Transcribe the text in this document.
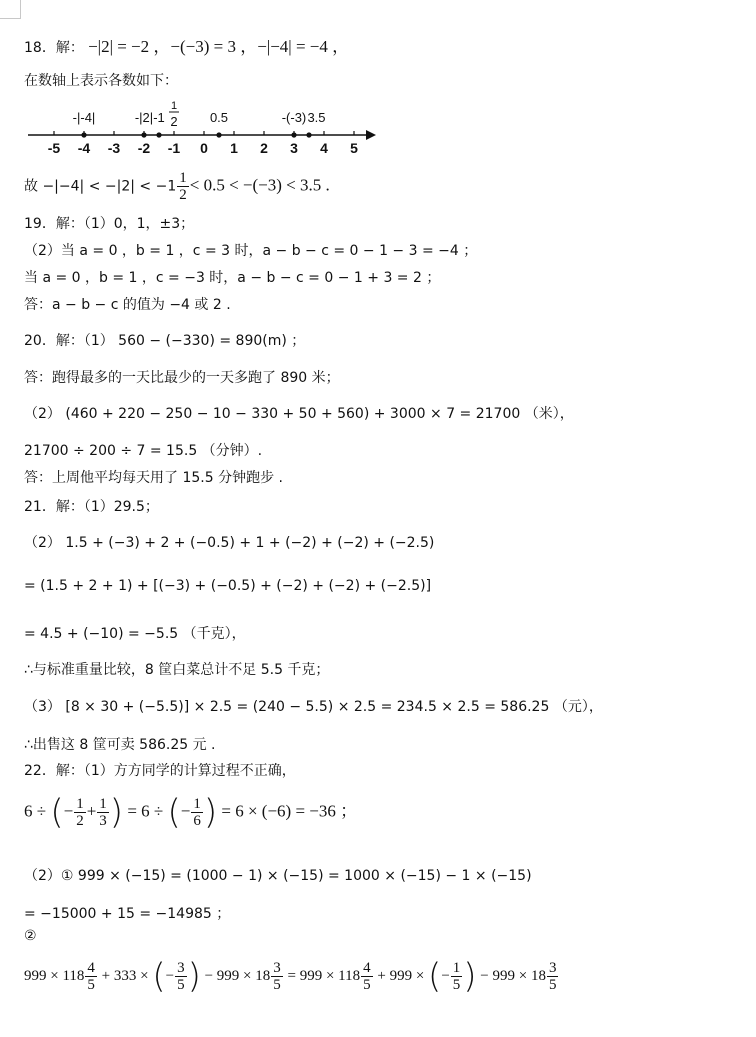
18．解： −|2| = −2 ，−(−3) = 3 ，−|−4| = −4 ，
在数轴上表示各数如下：
-5 -4 -3 -2 -1 0 1 2 3 4 5
-|-4|	-|2| -1 2 0.5	-(-3) 3.5
1
故 $-|-4| < -|2| < -1 \frac{1}{2} < 0.5 < -(-3) < 3.5$ .
19．解：（1）0，1，±3；
（2）当 a = 0 ，b = 1 ，c = 3 时，a − b − c = 0 − 1 − 3 = −4 ；
当 a = 0 ，b = 1 ，c = −3 时，a − b − c = 0 − 1 + 3 = 2 ；
答：a − b − c 的值为 −4 或 2 .
20．解：（1） 560 − (−330) = 890(m) ；
答：跑得最多的一天比最少的一天多跑了 890 米；
（2） (460 + 220 − 250 − 10 − 330 + 50 + 560) + 3000 × 7 = 21700 （米），
21700 ÷ 200 ÷ 7 = 15.5 （分钟）.
答：上周他平均每天用了 15.5 分钟跑步 .
21．解：（1）29.5；
（2） 1.5 + (−3) + 2 + (−0.5) + 1 + (−2) + (−2) + (−2.5)
= (1.5 + 2 + 1) + [(−3) + (−0.5) + (−2) + (−2) + (−2.5)]
= 4.5 + (−10) = −5.5 （千克），
∴与标准重量比较，8 筐白菜总计不足 5.5 千克；
（3） [8 × 30 + (−5.5)] × 2.5 = (240 − 5.5) × 2.5 = 234.5 × 2.5 = 586.25 （元），
∴出售这 8 筐可卖 586.25 元 .
22．解：（1）方方同学的计算过程不正确，
6 ÷ (− $\frac{1}{2} + \frac{1}{3}$ ) = 6 ÷ (− $\frac{1}{6}$ ) = 6 × (−6) = −36 ；
（2）① 999 × (−15) = (1000 − 1) × (−15) = 1000 × (−15) − 1 × (−15)
= −15000 + 15 = −14985 ；
②
$999 \times 118 \frac{4}{5} + 333$ × (− $\frac{3}{5}$ ) − $999 \times 18 \frac{3}{5} = 999 \times 118 \frac{4}{5} + 999$ × (− $\frac{1}{5}$ ) − $999 \times 18 \frac{3}{5}$
